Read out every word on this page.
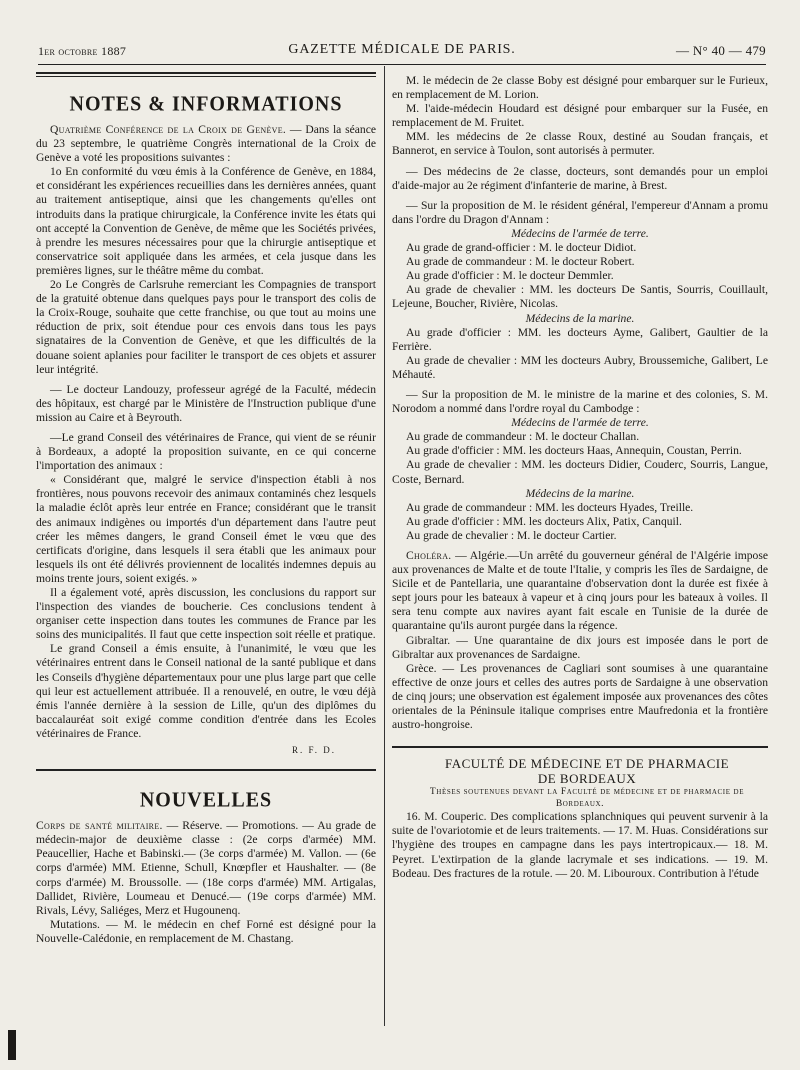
1er octobre 1887	GAZETTE MÉDICALE DE PARIS.	— N° 40 — 479
NOTES & INFORMATIONS

Quatrième Conférence de la Croix de Genève. — Dans la séance du 23 septembre, le quatrième Congrès international de la Croix de Genève a voté les propositions suivantes :

1o En conformité du vœu émis à la Conférence de Genève, en 1884, et considérant les expériences recueillies dans les dernières années, quant au traitement antiseptique, ainsi que les changements qu'elles ont introduits dans la pratique chirurgicale, la Conférence invite les états qui ont accepté la Convention de Genève, de même que les Sociétés privées, à prendre les mesures nécessaires pour que la chirurgie antiseptique et conservatrice soit appliquée dans les armées, et cela jusque dans les premières lignes, sur le théâtre même du combat.

2o Le Congrès de Carlsruhe remerciant les Compagnies de transport de la gratuité obtenue dans quelques pays pour le transport des colis de la Croix-Rouge, souhaite que cette franchise, ou que tout au moins une réduction de prix, soit étendue pour ces envois dans tous les pays signataires de la Convention de Genève, et que les difficultés de la douane soient aplanies pour faciliter le transport de ces objets et assurer leur intégrité.

— Le docteur Landouzy, professeur agrégé de la Faculté, médecin des hôpitaux, est chargé par le Ministère de l'Instruction publique d'une mission au Caire et à Beyrouth.

—Le grand Conseil des vétérinaires de France, qui vient de se réunir à Bordeaux, a adopté la proposition suivante, en ce qui concerne l'importation des animaux :

« Considérant que, malgré le service d'inspection établi à nos frontières, nous pouvons recevoir des animaux contaminés chez lesquels la maladie éclôt après leur entrée en France; considérant que le transit des animaux indigènes ou importés d'un département dans l'autre peut créer les mêmes dangers, le grand Conseil émet le vœu que des certificats d'origine, dans lesquels il sera établi que les animaux pour lesquels ils ont été délivrés proviennent de localités indemnes depuis au moins trente jours, soient exigés. »

Il a également voté, après discussion, les conclusions du rapport sur l'inspection des viandes de boucherie. Ces conclusions tendent à organiser cette inspection dans toutes les communes de France par les soins des municipalités. Il faut que cette inspection soit réelle et pratique.

Le grand Conseil a émis ensuite, à l'unanimité, le vœu que les vétérinaires entrent dans le Conseil national de la santé publique et dans les Conseils d'hygiène départementaux pour une plus large part que celle qui leur est actuellement attribuée. Il a renouvelé, en outre, le vœu déjà émis l'année dernière à la session de Lille, qu'un des diplômes du baccalauréat soit exigé comme condition d'entrée dans les Ecoles vétérinaires de France.

R. F. D.
NOUVELLES

Corps de santé militaire. — Réserve. — Promotions. — Au grade de médecin-major de deuxième classe : (2e corps d'armée) MM. Peaucellier, Hache et Babinski.— (3e corps d'armée) M. Vallon. — (6e corps d'armée) MM. Etienne, Schull, Knœpfler et Haushalter. — (8e corps d'armée) M. Broussolle. — (18e corps d'armée) MM. Artigalas, Dallidet, Rivière, Loumeau et Denucé.— (19e corps d'armée) MM. Rivals, Lévy, Saliéges, Merz et Hugounenq.

Mutations. — M. le médecin en chef Forné est désigné pour la Nouvelle-Calédonie, en remplacement de M. Chastang.

M. le médecin de 2e classe Boby est désigné pour embarquer sur le Furieux, en remplacement de M. Lorion.

M. l'aide-médecin Houdard est désigné pour embarquer sur la Fusée, en remplacement de M. Fruitet.

MM. les médecins de 2e classe Roux, destiné au Soudan français, et Bannerot, en service à Toulon, sont autorisés à permuter.

— Des médecins de 2e classe, docteurs, sont demandés pour un emploi d'aide-major au 2e régiment d'infanterie de marine, à Brest.

— Sur la proposition de M. le résident général, l'empereur d'Annam a promu dans l'ordre du Dragon d'Annam :

Médecins de l'armée de terre.

Au grade de grand-officier : M. le docteur Didiot.

Au grade de commandeur : M. le docteur Robert.

Au grade d'officier : M. le docteur Demmler.

Au grade de chevalier : MM. les docteurs De Santis, Sourris, Couillault, Lejeune, Boucher, Rivière, Nicolas.

Médecins de la marine.

Au grade d'officier : MM. les docteurs Ayme, Galibert, Gaultier de la Ferrière.

Au grade de chevalier : MM les docteurs Aubry, Broussemiche, Galibert, Le Méhauté.

— Sur la proposition de M. le ministre de la marine et des colonies, S. M. Norodom a nommé dans l'ordre royal du Cambodge :

Médecins de l'armée de terre.

Au grade de commandeur : M. le docteur Challan.

Au grade d'officier : MM. les docteurs Haas, Annequin, Coustan, Perrin.

Au grade de chevalier : MM. les docteurs Didier, Couderc, Sourris, Langue, Coste, Bernard.

Médecins de la marine.

Au grade de commandeur : MM. les docteurs Hyades, Treille.

Au grade d'officier : MM. les docteurs Alix, Patix, Canquil.

Au grade de chevalier : M. le docteur Cartier.

Choléra. — Algérie.—Un arrêté du gouverneur général de l'Algérie impose aux provenances de Malte et de toute l'Italie, y compris les îles de Sardaigne, de Sicile et de Pantellaria, une quarantaine d'observation dont la durée est fixée à sept jours pour les bateaux à vapeur et à cinq jours pour les bateaux à voiles. Il sera tenu compte aux navires ayant fait escale en Tunisie de la durée de quarantaine qu'ils auront purgée dans la régence.

Gibraltar. — Une quarantaine de dix jours est imposée dans le port de Gibraltar aux provenances de Sardaigne.

Grèce. — Les provenances de Cagliari sont soumises à une quarantaine effective de onze jours et celles des autres ports de Sardaigne à une observation de cinq jours; une observation est également imposée aux provenances des côtes orientales de la Péninsule italique comprises entre Maufredonia et la frontière austro-hongroise.

FACULTÉ DE MÉDECINE ET DE PHARMACIE

DE BORDEAUX

Thèses soutenues devant la Faculté de médecine et de pharmacie de Bordeaux.

16. M. Couperic. Des complications splanchniques qui peuvent survenir à la suite de l'ovariotomie et de leurs traitements. — 17. M. Huas. Considérations sur l'hygiène des troupes en campagne dans les pays intertropicaux.— 18. M. Peyret. L'extirpation de la glande lacrymale et ses indications. — 19. M. Bodeau. Des fractures de la rotule. — 20. M. Libouroux. Contribution à l'étude
